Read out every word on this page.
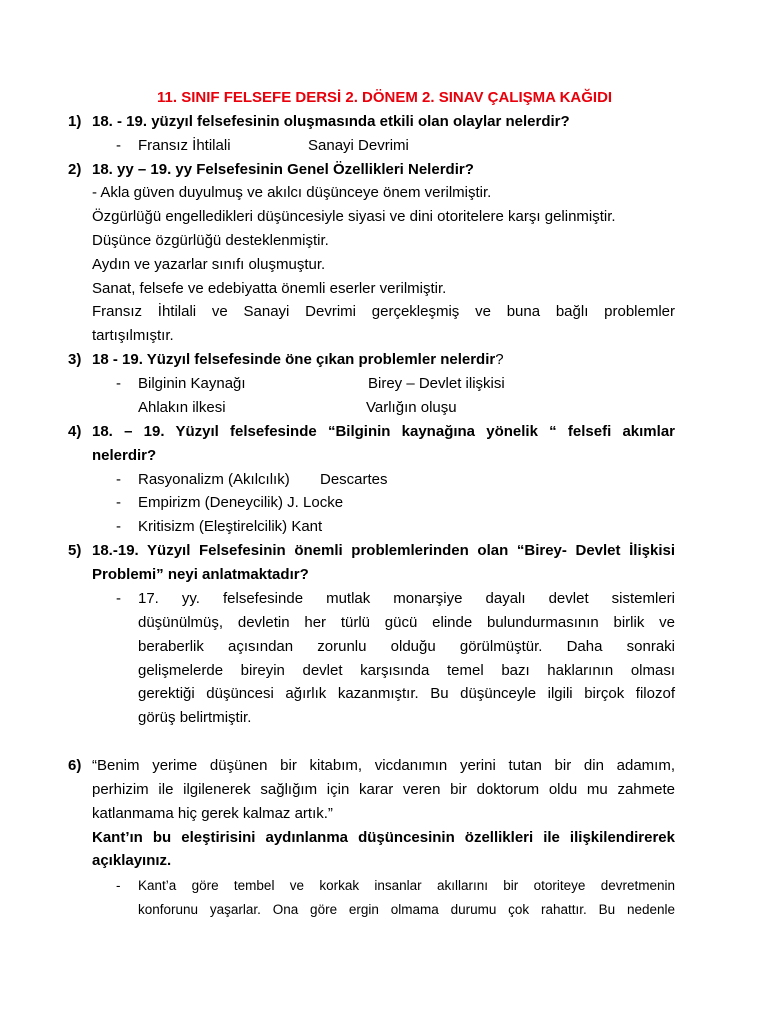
11. SINIF FELSEFE DERSİ 2. DÖNEM 2. SINAV ÇALIŞMA KAĞIDI
1) 18. - 19. yüzyıl felsefesinin oluşmasında etkili olan olaylar nelerdir?
- Fransız İhtilali	Sanayi Devrimi
2) 18. yy – 19. yy Felsefesinin Genel Özellikleri Nelerdir?
- Akla güven duyulmuş ve akılcı düşünceye önem verilmiştir.
Özgürlüğü engelledikleri düşüncesiyle siyasi ve dini otoritelere karşı gelinmiştir.
Düşünce özgürlüğü desteklenmiştir.
Aydın ve yazarlar sınıfı oluşmuştur.
Sanat, felsefe ve edebiyatta önemli eserler verilmiştir.
Fransız İhtilali ve Sanayi Devrimi gerçekleşmiş ve buna bağlı problemler
tartışılmıştır.
3) 18 - 19. Yüzyıl felsefesinde öne çıkan problemler nelerdir?
- Bilginin Kaynağı	Birey – Devlet ilişkisi
Ahlakın ilkesi	Varlığın oluşu
4) 18. – 19. Yüzyıl felsefesinde “Bilginin kaynağına yönelik “ felsefi akımlar
nelerdir?
- Rasyonalizm (Akılcılık) Descartes
- Empirizm (Deneycilik) J. Locke
- Kritisizm (Eleştirelcilik) Kant
5) 18.-19. Yüzyıl Felsefesinin önemli problemlerinden olan “Birey- Devlet İlişkisi
Problemi” neyi anlatmaktadır?
- 17. yy. felsefesinde mutlak monarşiye dayalı devlet sistemleri
düşünülmüş, devletin her türlü gücü elinde bulundurmasının birlik ve
beraberlik açısından zorunlu olduğu görülmüştür. Daha sonraki
gelişmelerde bireyin devlet karşısında temel bazı haklarının olması
gerektiği düşüncesi ağırlık kazanmıştır. Bu düşünceyle ilgili birçok filozof
görüş belirtmiştir.
6) “Benim yerime düşünen bir kitabım, vicdanımın yerini tutan bir din adamım,
perhizim ile ilgilenerek sağlığım için karar veren bir doktorum oldu mu zahmete
katlanmama hiç gerek kalmaz artık.”
Kant’ın bu eleştirisini aydınlanma düşüncesinin özellikleri ile ilişkilendirerek
açıklayınız.
- Kant’a göre tembel ve korkak insanlar akıllarını bir otoriteye devretmenin
konforunu yaşarlar. Ona göre ergin olmama durumu çok rahattır. Bu nedenle
